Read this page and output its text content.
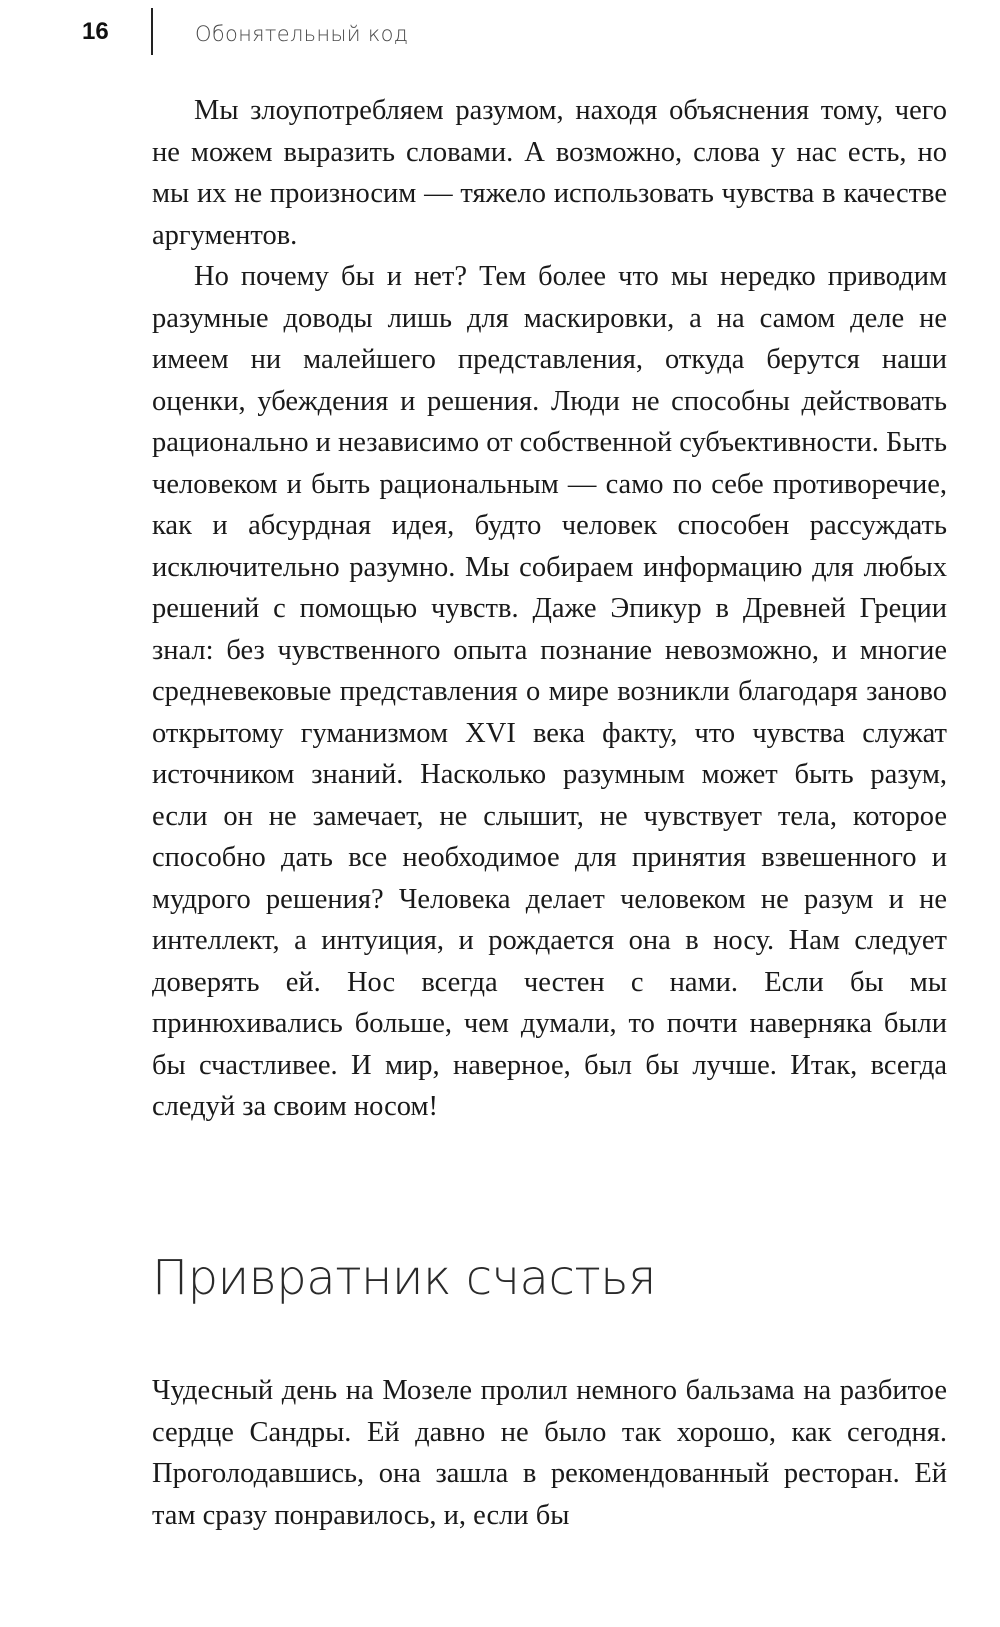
16	Обонятельный код

Мы злоупотребляем разумом, находя объяснения тому, чего не можем выразить словами. А возможно, слова у нас есть, но мы их не произносим — тяжело использовать чувства в качестве аргументов.

Но почему бы и нет? Тем более что мы нередко приводим разумные доводы лишь для маскировки, а на самом деле не имеем ни малейшего представления, откуда берутся наши оценки, убеждения и решения. Люди не способны действовать рационально и независимо от собственной субъективности. Быть человеком и быть рациональным — само по себе противоречие, как и абсурдная идея, будто человек способен рассуждать исключительно разумно. Мы собираем информацию для любых решений с помощью чувств. Даже Эпикур в Древней Греции знал: без чувственного опыта познание невозможно, и многие средневековые представления о мире возникли благодаря заново открытому гуманизмом XVI века факту, что чувства служат источником знаний. Насколько разумным может быть разум, если он не замечает, не слышит, не чувствует тела, которое способно дать все необходимое для принятия взвешенного и мудрого решения? Человека делает человеком не разум и не интеллект, а интуиция, и рождается она в носу. Нам следует доверять ей. Нос всегда честен с нами. Если бы мы принюхивались больше, чем думали, то почти наверняка были бы счастливее. И мир, наверное, был бы лучше. Итак, всегда следуй за своим носом!

Привратник счастья

Чудесный день на Мозеле пролил немного бальзама на разбитое сердце Сандры. Ей давно не было так хорошо, как сегодня. Проголодавшись, она зашла в рекомендованный ресторан. Ей там сразу понравилось, и, если бы
